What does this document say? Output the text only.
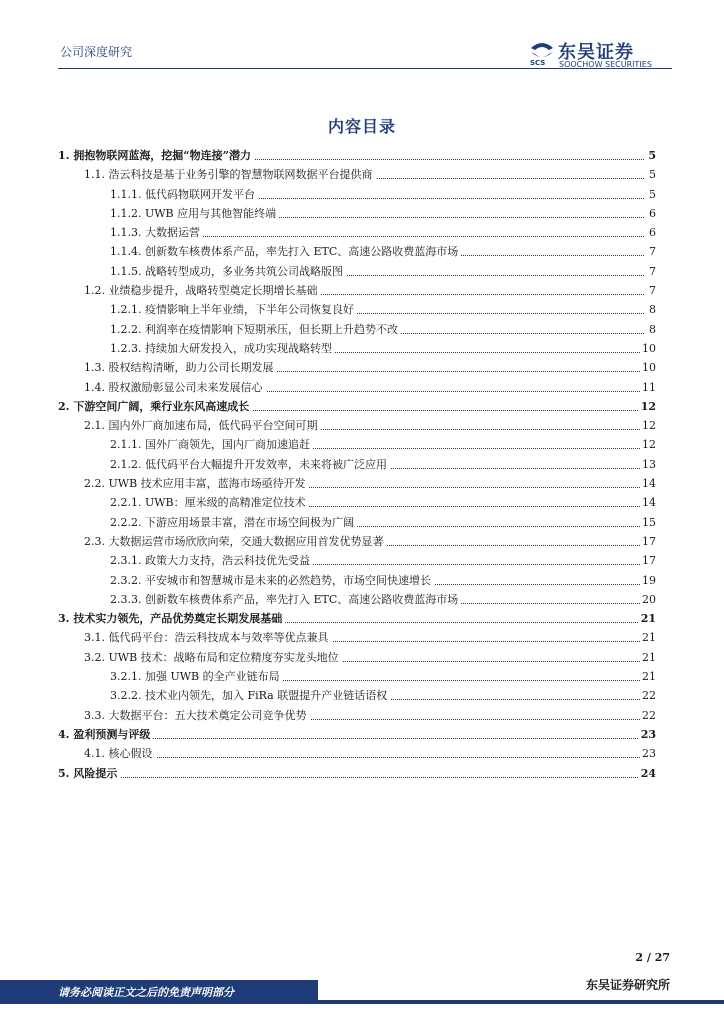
公司深度研究
SCS 东吴证券
SOOCHOW SECURITIES
内容目录
1. 拥抱物联网蓝海，挖掘“物连接”潜力	5
1.1. 浩云科技是基于业务引擎的智慧物联网数据平台提供商	5
1.1.1. 低代码物联网开发平台	5
1.1.2. UWB 应用与其他智能终端	6
1.1.3. 大数据运营	6
1.1.4. 创新数车核费体系产品，率先打入 ETC、高速公路收费蓝海市场	7
1.1.5. 战略转型成功，多业务共筑公司战略版图	7
1.2. 业绩稳步提升，战略转型奠定长期增长基础	7
1.2.1. 疫情影响上半年业绩，下半年公司恢复良好	8
1.2.2. 利润率在疫情影响下短期承压，但长期上升趋势不改	8
1.2.3. 持续加大研发投入，成功实现战略转型	10
1.3. 股权结构清晰，助力公司长期发展	10
1.4. 股权激励彰显公司未来发展信心	11
2. 下游空间广阔，乘行业东风高速成长	12
2.1. 国内外厂商加速布局，低代码平台空间可期	12
2.1.1. 国外厂商领先，国内厂商加速追赶	12
2.1.2. 低代码平台大幅提升开发效率，未来将被广泛应用	13
2.2. UWB 技术应用丰富，蓝海市场亟待开发	14
2.2.1. UWB：厘米级的高精准定位技术	14
2.2.2. 下游应用场景丰富，潜在市场空间极为广阔	15
2.3. 大数据运营市场欣欣向荣，交通大数据应用首发优势显著	17
2.3.1. 政策大力支持，浩云科技优先受益	17
2.3.2. 平安城市和智慧城市是未来的必然趋势，市场空间快速增长	19
2.3.3. 创新数车核费体系产品，率先打入 ETC、高速公路收费蓝海市场	20
3. 技术实力领先，产品优势奠定长期发展基础	21
3.1. 低代码平台：浩云科技成本与效率等优点兼具	21
3.2. UWB 技术：战略布局和定位精度夯实龙头地位	21
3.2.1. 加强 UWB 的全产业链布局	21
3.2.2. 技术业内领先，加入 FiRa 联盟提升产业链话语权	22
3.3. 大数据平台：五大技术奠定公司竞争优势	22
4. 盈利预测与评级	23
4.1. 核心假设	23
5. 风险提示	24
2 / 27
请务必阅读正文之后的免责声明部分
东吴证券研究所
